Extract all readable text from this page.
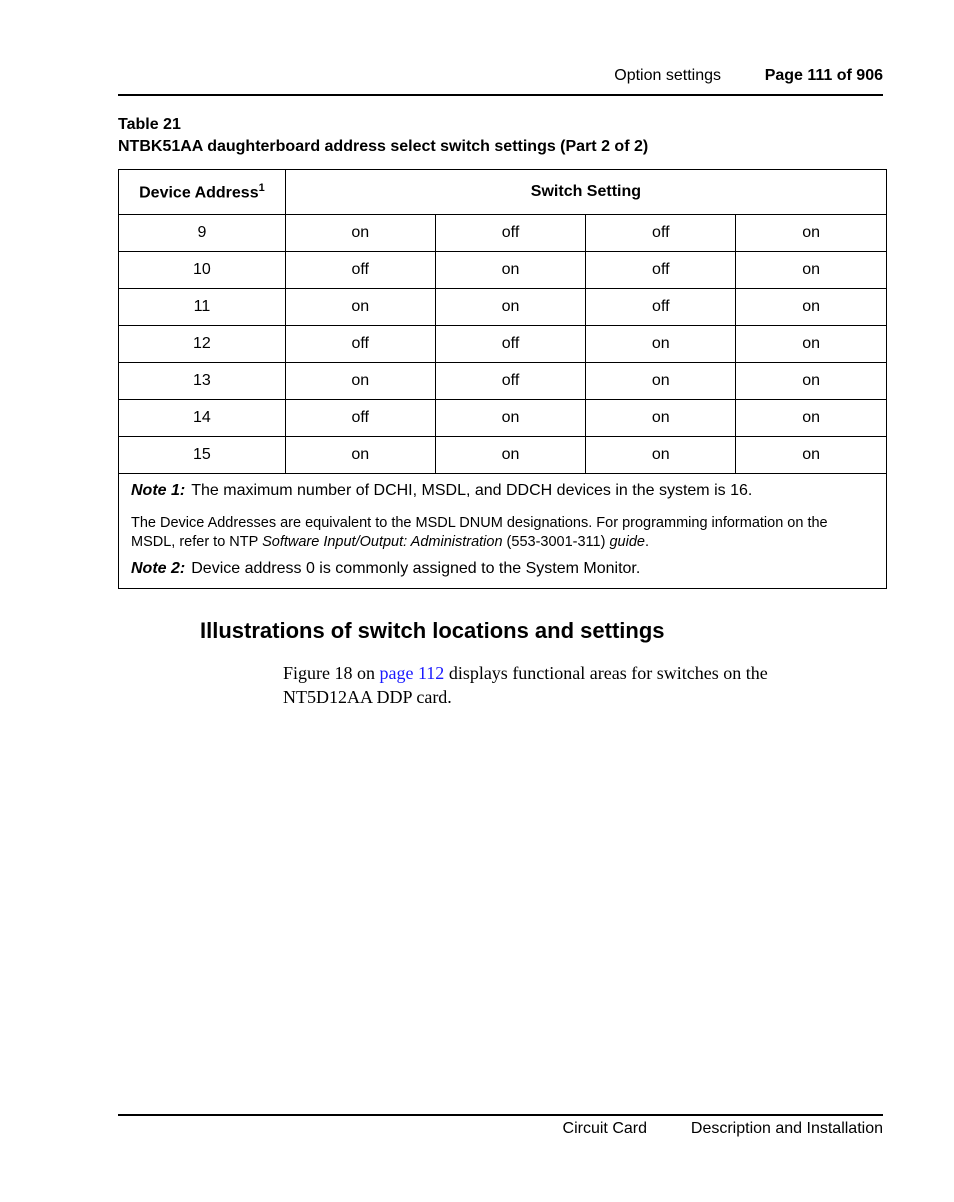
Option settings	Page 111 of 906
Table 21
NTBK51AA daughterboard address select switch settings (Part 2 of 2)
Device Address$^1$	Switch Setting			
9	on	off	off	on
10	off	on	off	on
11	on	on	off	on
12	off	off	on	on
13	on	off	on	on
14	off	on	on	on
15	on	on	on	on

Note 1: The maximum number of DCHI, MSDL, and DDCH devices in the system is 16.

The Device Addresses are equivalent to the MSDL DNUM designations. For programming information on the MSDL, refer to NTP Software Input/Output: Administration (553-3001-311) guide.

Note 2: Device address 0 is commonly assigned to the System Monitor.				

Illustrations of switch locations and settings

Figure 18 on page 112 displays functional areas for switches on the NT5D12AA DDP card.

Circuit Card	Description and Installation
